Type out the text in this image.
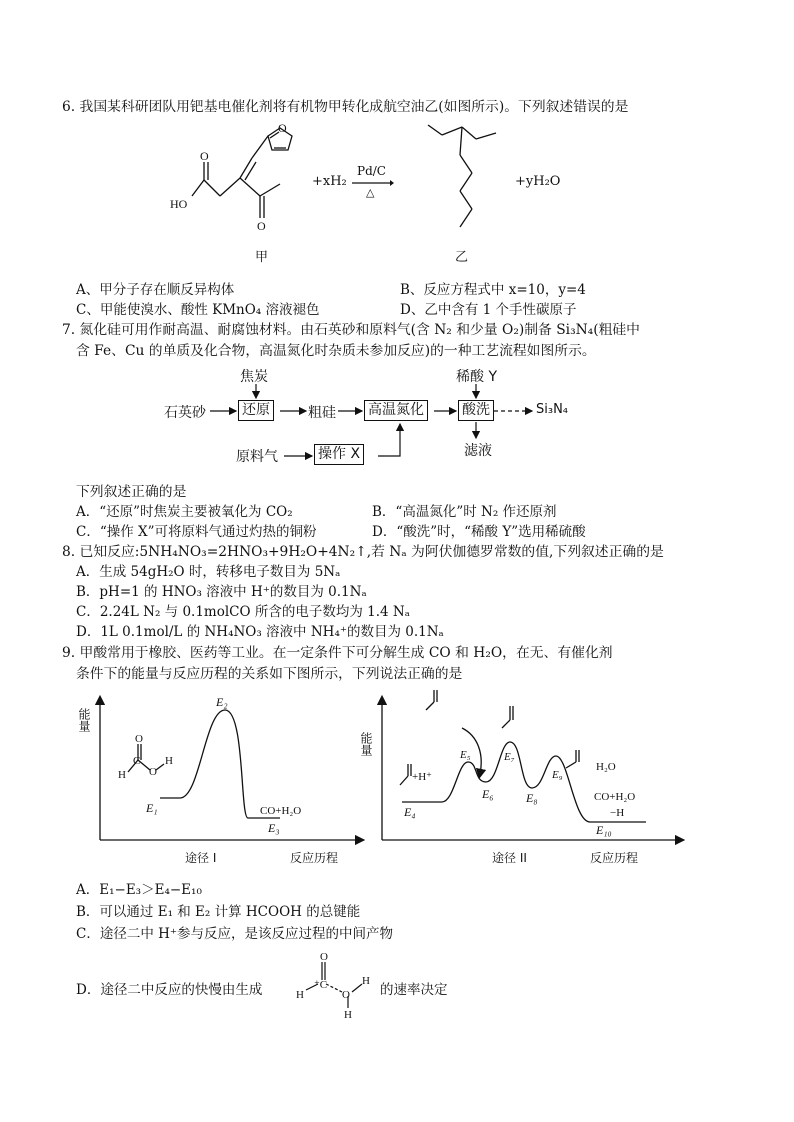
6. 我国某科研团队用钯基电催化剂将有机物甲转化成航空油乙(如图所示)。下列叙述错误的是
O
O
HO
O
+xH₂
Pd/C
△
+yH₂O
甲	乙
A、甲分子存在顺反异构体	B、反应方程式中 x=10，y=4
C、甲能使溴水、酸性 KMnO₄ 溶液褪色	D、乙中含有 1 个手性碳原子
7. 氮化硅可用作耐高温、耐腐蚀材料。由石英砂和原料气(含 N₂ 和少量 O₂)制备 Si₃N₄(粗硅中
含 Fe、Cu 的单质及化合物，高温氮化时杂质未参加反应)的一种工艺流程如图所示。
焦炭
石英砂	还原	粗硅 高温氮化
稀酸 Y
酸洗	Si₃N₄
滤液
原料气	操作 X
下列叙述正确的是
A．“还原”时焦炭主要被氧化为 CO₂	B．“高温氮化”时 N₂ 作还原剂
C．“操作 X”可将原料气通过灼热的铜粉	D．“酸洗”时，“稀酸 Y”选用稀硫酸
8. 已知反应:5NH₄NO₃=2HNO₃+9H₂O+4N₂↑,若 Nₐ 为阿伏伽德罗常数的值,下列叙述正确的是
A．生成 54gH₂O 时，转移电子数目为 5Nₐ
B．pH=1 的 HNO₃ 溶液中 H⁺的数目为 0.1Nₐ
C．2.24L N₂ 与 0.1molCO 所含的电子数均为 1.4 Nₐ
D．1L 0.1mol/L 的 NH₄NO₃ 溶液中 NH₄⁺的数目为 0.1Nₐ
9. 甲酸常用于橡胶、医药等工业。在一定条件下可分解生成 CO 和 H₂O，在无、有催化剂
条件下的能量与反应历程的关系如下图所示，下列说法正确的是
能量
E₂
E₁
E₃
CO+H₂O
H
C
O
O
H
途径 I	反应历程
能量
+H⁺
E₄
E₅
E₆
E₇
E₈
E₉
H₂O
CO+H₂O
−H
E₁₀
途径 II	反应历程
A．E₁−E₃＞E₄−E₁₀
B．可以通过 E₁ 和 E₂ 计算 HCOOH 的总键能
C．途径二中 H⁺参与反应，是该反应过程的中间产物
D．途径二中反应的快慢由生成	H
⁺C
O
O
H
H
的速率决定
